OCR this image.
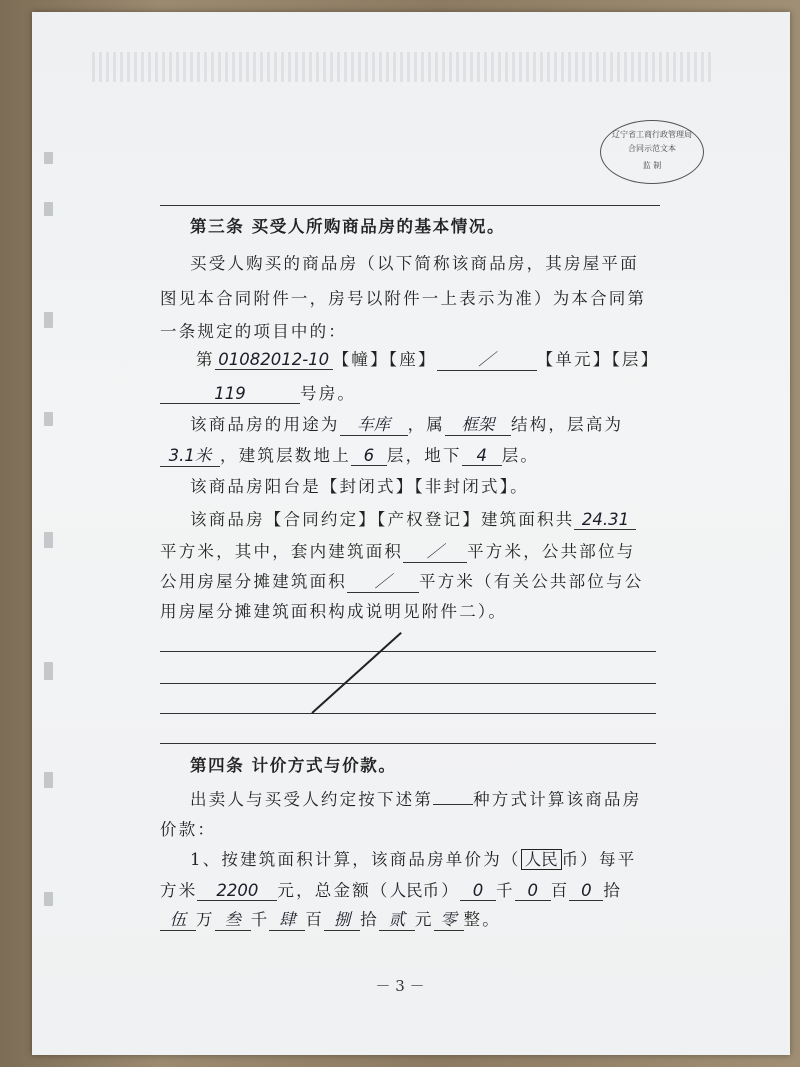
辽宁省工商行政管理局
合同示范文本
监 制
第三条 买受人所购商品房的基本情况。
买受人购买的商品房（以下简称该商品房，其房屋平面
图见本合同附件一，房号以附件一上表示为准）为本合同第
一条规定的项目中的：
第 01082012-10 【幢】【座】	／	【单元】【层】
119	号房。
该商品房的用途为 车库 ，属 框架 结构，层高为
3.1米 ，建筑层数地上 6 层，地下 4 层。
该商品房阳台是【封闭式】【非封闭式】。
该商品房【合同约定】【产权登记】建筑面积共 24.31
平方米，其中，套内建筑面积 ／ 平方米，公共部位与
公用房屋分摊建筑面积 ／ 平方米（有关公共部位与公
用房屋分摊建筑面积构成说明见附件二）。
第四条 计价方式与价款。
出卖人与买受人约定按下述第 种方式计算该商品房
价款：
1、按建筑面积计算，该商品房单价为（ 人民 币）每平
方米 2200 元，总金额（人民币） 0 千 0 百 0 拾
伍 万 叁 千 肆 百 捌 拾 贰 元 零 整。
－ 3 －
